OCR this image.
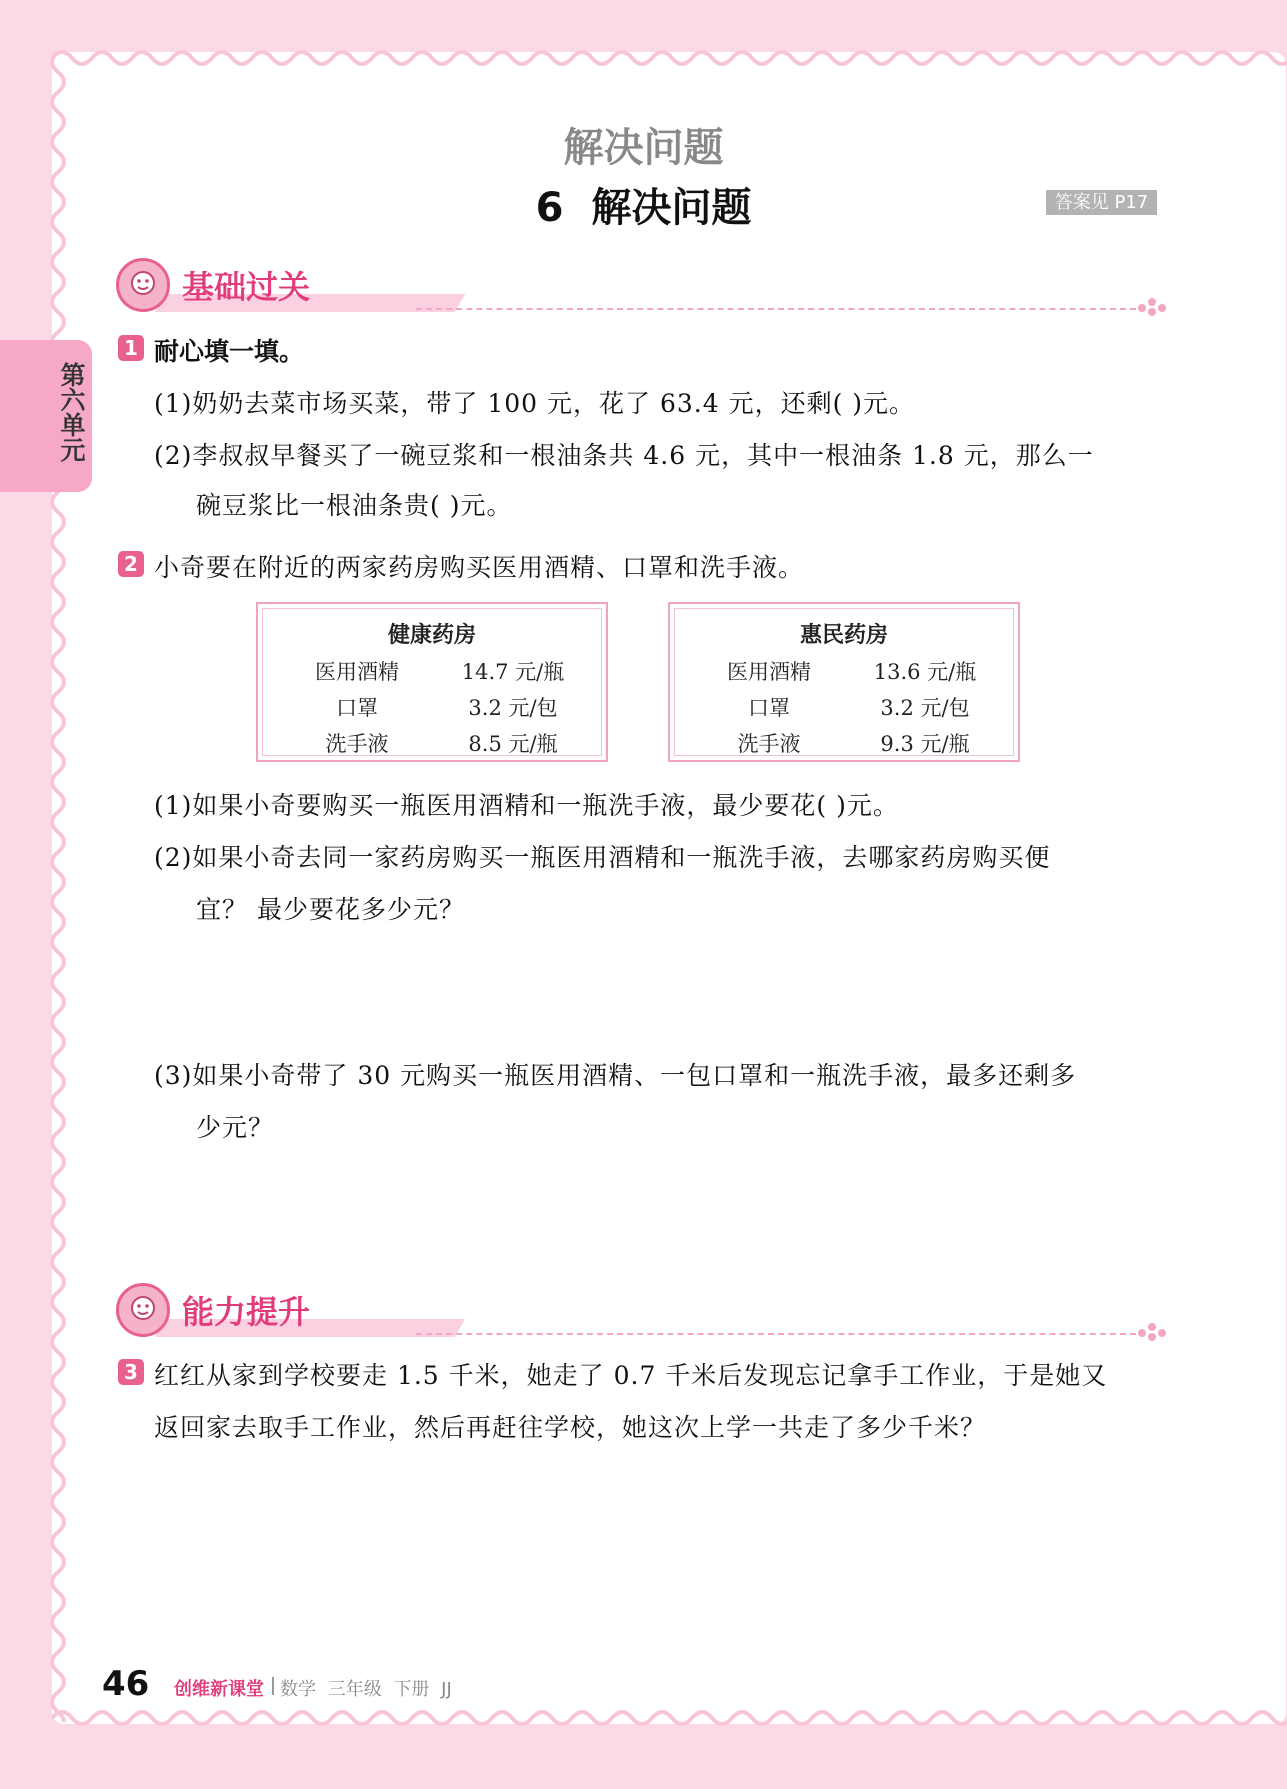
第六单元
解决问题
6  解决问题	答案见 P17
基础过关
1 耐心填一填。
(1)奶奶去菜市场买菜，带了 100 元，花了 63.4 元，还剩( )元。
(2)李叔叔早餐买了一碗豆浆和一根油条共 4.6 元，其中一根油条 1.8 元，那么一
碗豆浆比一根油条贵( )元。
2 小奇要在附近的两家药房购买医用酒精、口罩和洗手液。
健康药房
医用酒精	14.7 元/瓶
口罩	3.2 元/包
洗手液	8.5 元/瓶
惠民药房
医用酒精	13.6 元/瓶
口罩	3.2 元/包
洗手液	9.3 元/瓶
(1)如果小奇要购买一瓶医用酒精和一瓶洗手液，最少要花( )元。
(2)如果小奇去同一家药房购买一瓶医用酒精和一瓶洗手液，去哪家药房购买便
宜？ 最少要花多少元？
(3)如果小奇带了 30 元购买一瓶医用酒精、一包口罩和一瓶洗手液，最多还剩多
少元？
能力提升
3 红红从家到学校要走 1.5 千米，她走了 0.7 千米后发现忘记拿手工作业，于是她又
返回家去取手工作业，然后再赶往学校，她这次上学一共走了多少千米？
46 创维新课堂 数学 三年级 下册 JJ
